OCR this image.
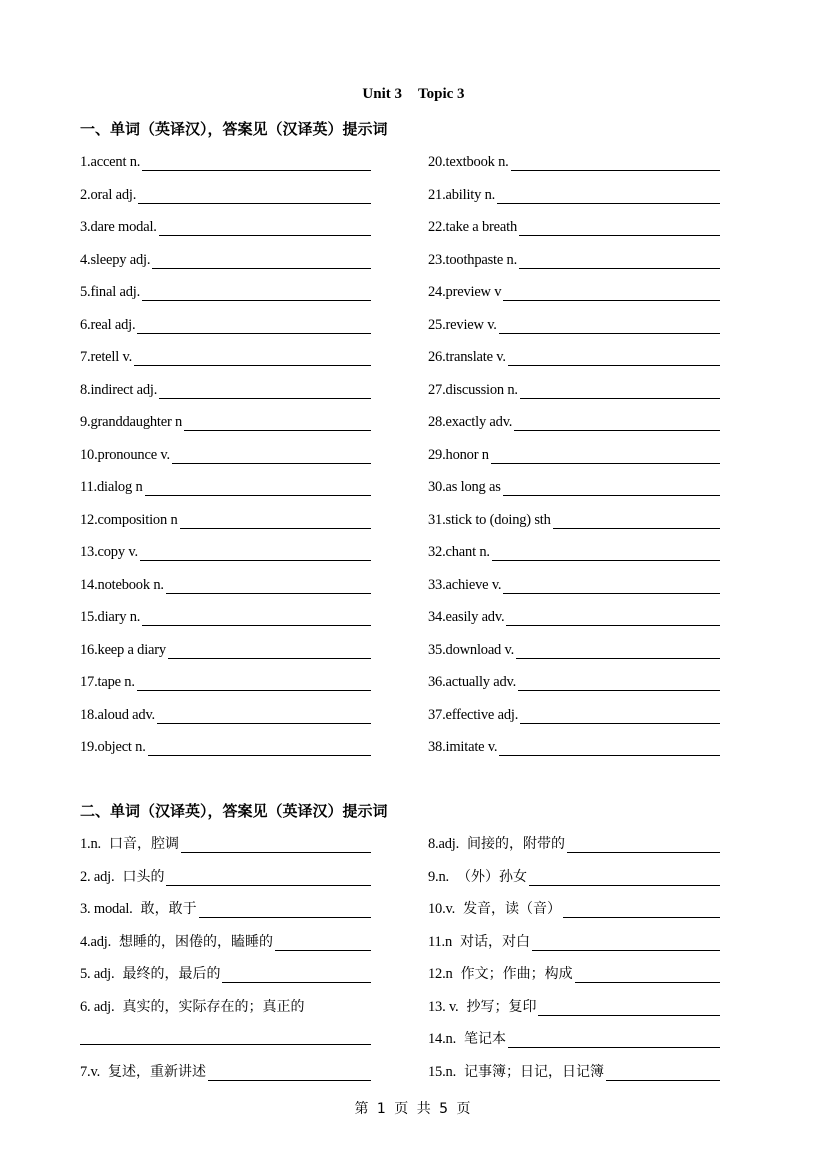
Unit 3 Topic 3
一、单词（英译汉），答案见（汉译英）提示词
1.accent n.
2.oral adj.
3.dare modal.
4.sleepy adj.
5.final adj.
6.real adj.
7.retell v.
8.indirect adj.
9.granddaughter n
10.pronounce v.
11.dialog n
12.composition n
13.copy v.
14.notebook n.
15.diary n.
16.keep a diary
17.tape n.
18.aloud adv.
19.object n.
20.textbook n.
21.ability n.
22.take a breath
23.toothpaste n.
24.preview v
25.review v.
26.translate v.
27.discussion n.
28.exactly adv.
29.honor n
30.as long as
31.stick to (doing) sth
32.chant n.
33.achieve v.
34.easily adv.
35.download v.
36.actually adv.
37.effective adj.
38.imitate v.
二、单词（汉译英），答案见（英译汉）提示词
1.n. 口音，腔调
2. adj. 口头的
3. modal. 敢，敢于
4.adj. 想睡的，困倦的，瞌睡的
5. adj. 最终的，最后的
6. adj. 真实的，实际存在的；真正的
7.v. 复述，重新讲述
8.adj. 间接的，附带的
9.n. （外）孙女
10.v. 发音，读（音）
11.n 对话，对白
12.n 作文；作曲；构成
13. v. 抄写；复印
14.n. 笔记本
15.n. 记事簿；日记，日记簿
第 1 页 共 5 页
